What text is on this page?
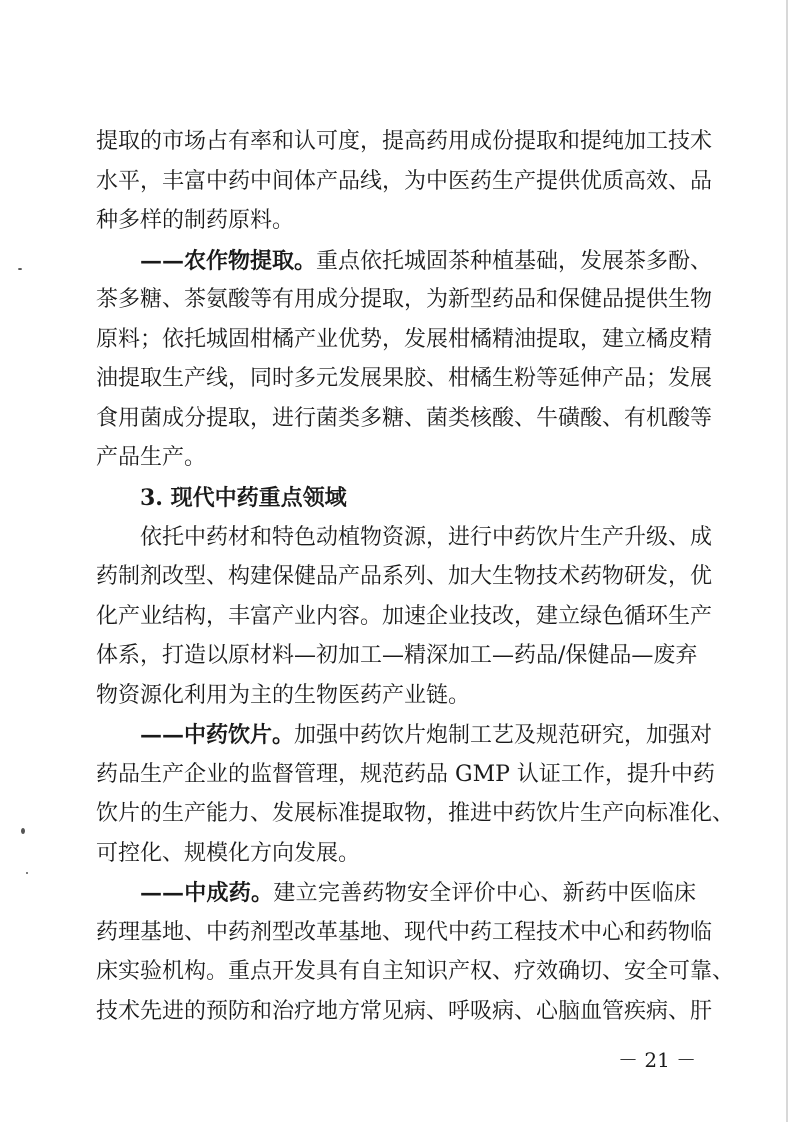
提取的市场占有率和认可度，提高药用成份提取和提纯加工技术
水平，丰富中药中间体产品线，为中医药生产提供优质高效、品
种多样的制药原料。
——农作物提取。重点依托城固茶种植基础，发展茶多酚、
茶多糖、茶氨酸等有用成分提取，为新型药品和保健品提供生物
原料；依托城固柑橘产业优势，发展柑橘精油提取，建立橘皮精
油提取生产线，同时多元发展果胶、柑橘生粉等延伸产品；发展
食用菌成分提取，进行菌类多糖、菌类核酸、牛磺酸、有机酸等
产品生产。
3. 现代中药重点领域
依托中药材和特色动植物资源，进行中药饮片生产升级、成
药制剂改型、构建保健品产品系列、加大生物技术药物研发，优
化产业结构，丰富产业内容。加速企业技改，建立绿色循环生产
体系，打造以原材料—初加工—精深加工—药品/保健品—废弃
物资源化利用为主的生物医药产业链。
——中药饮片。加强中药饮片炮制工艺及规范研究，加强对
药品生产企业的监督管理，规范药品 GMP 认证工作，提升中药
饮片的生产能力、发展标准提取物，推进中药饮片生产向标准化、
可控化、规模化方向发展。
——中成药。建立完善药物安全评价中心、新药中医临床
药理基地、中药剂型改革基地、现代中药工程技术中心和药物临
床实验机构。重点开发具有自主知识产权、疗效确切、安全可靠、
技术先进的预防和治疗地方常见病、呼吸病、心脑血管疾病、肝
－ 21 －
